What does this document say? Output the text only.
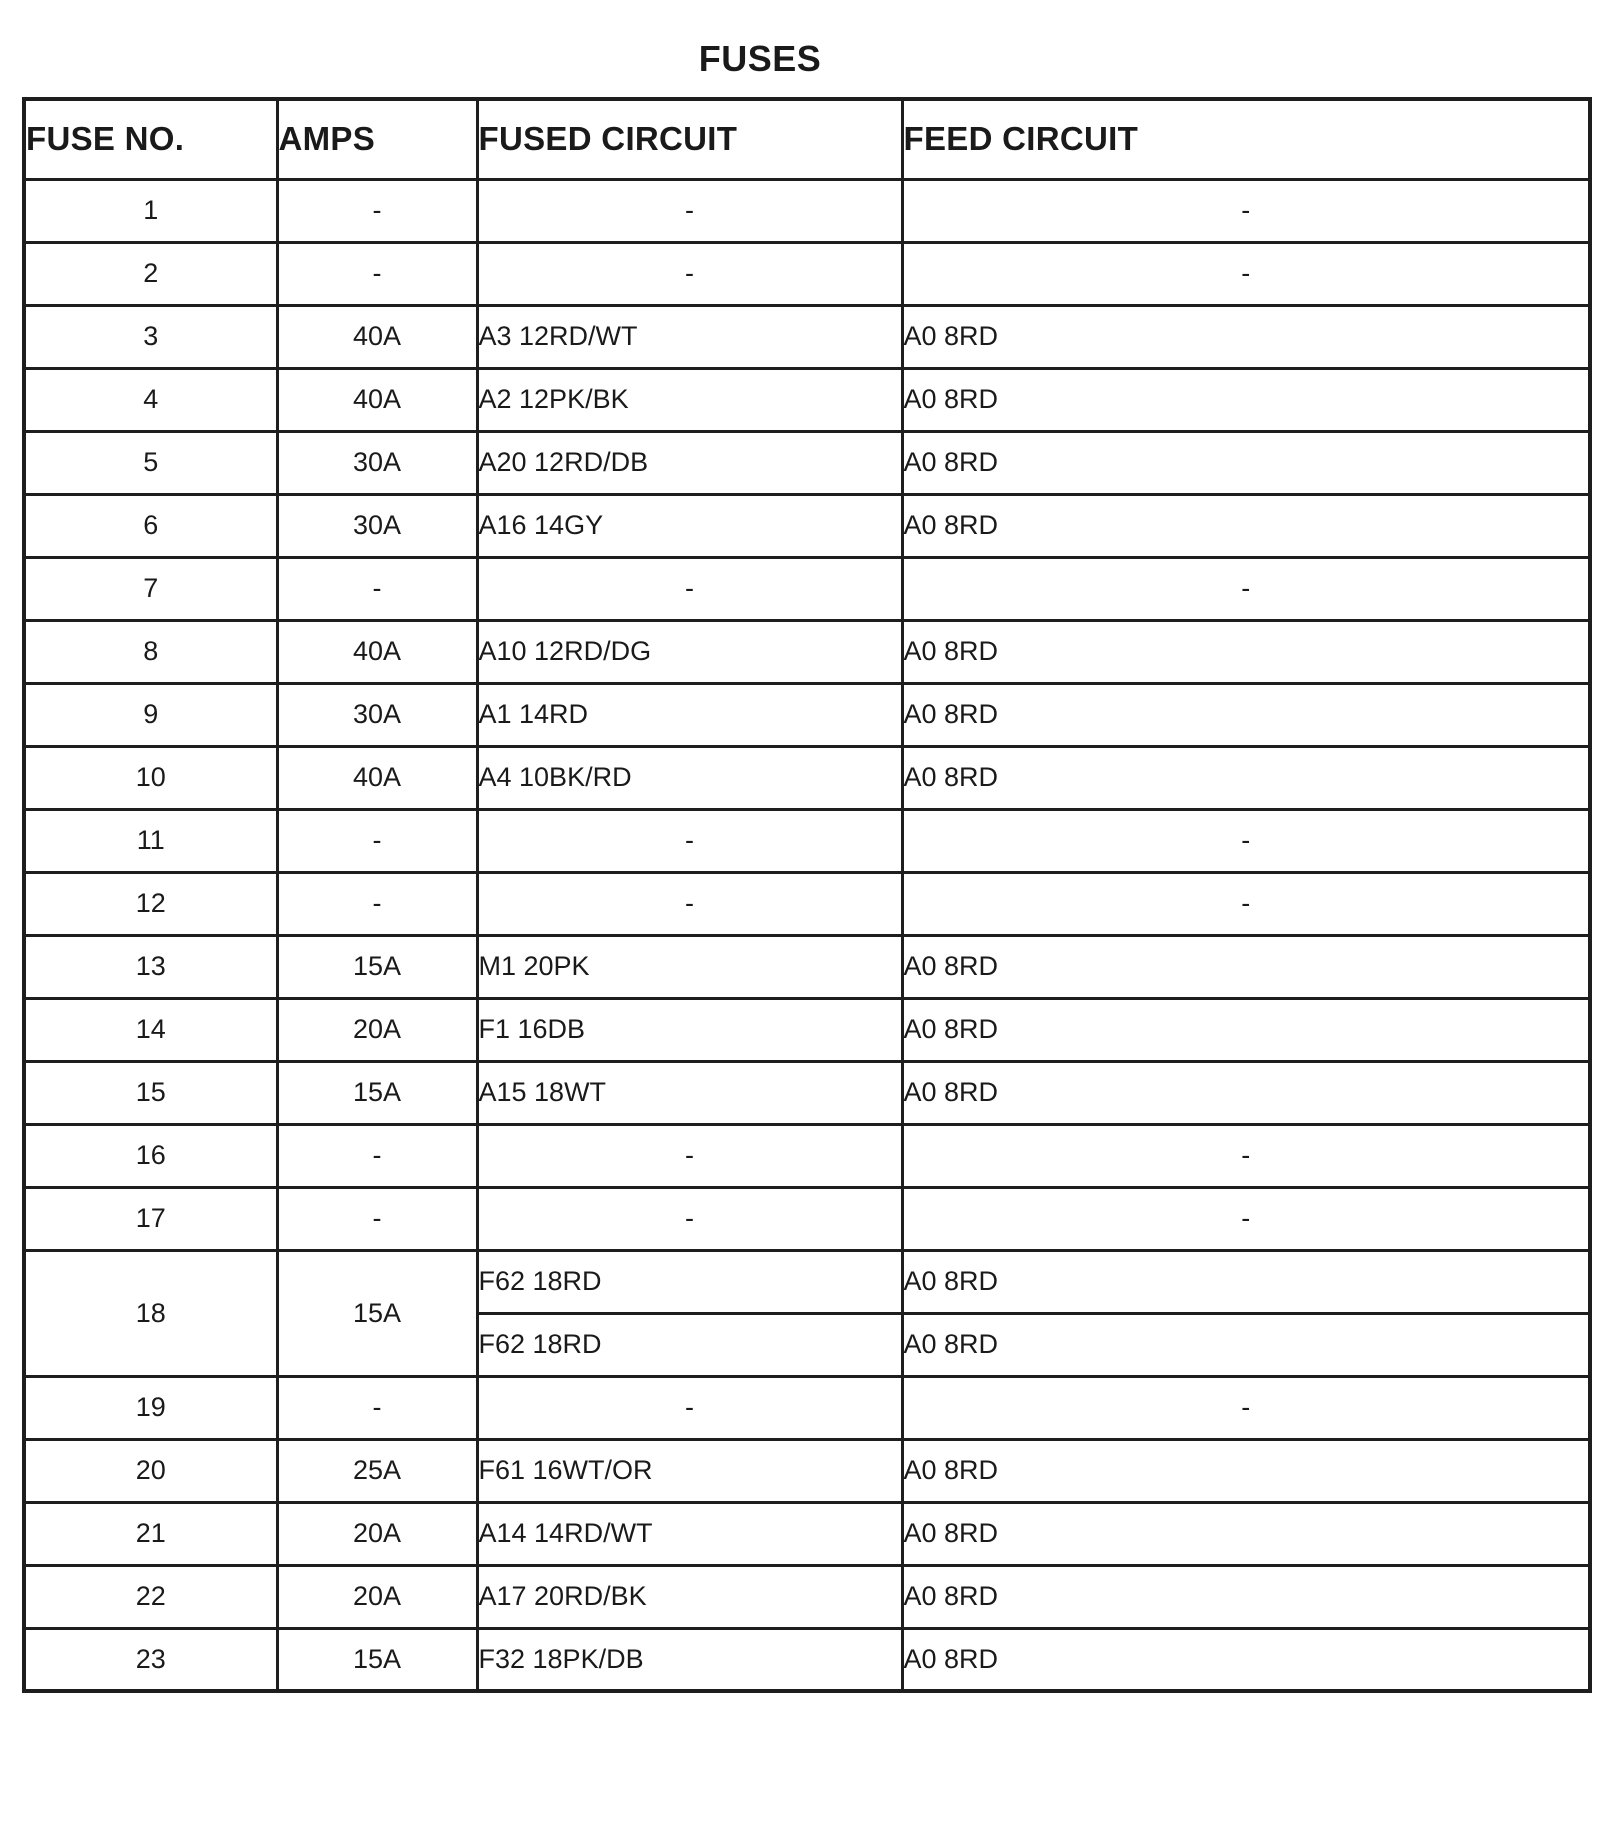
FUSES
FUSE NO.	AMPS	FUSED CIRCUIT	FEED CIRCUIT
1	-	-	-
2	-	-	-
3	40A	A3 12RD/WT	A0 8RD
4	40A	A2 12PK/BK	A0 8RD
5	30A	A20 12RD/DB	A0 8RD
6	30A	A16 14GY	A0 8RD
7	-	-	-
8	40A	A10 12RD/DG	A0 8RD
9	30A	A1 14RD	A0 8RD
10	40A	A4 10BK/RD	A0 8RD
11	-	-	-
12	-	-	-
13	15A	M1 20PK	A0 8RD
14	20A	F1 16DB	A0 8RD
15	15A	A15 18WT	A0 8RD
16	-	-	-
17	-	-	-
18	15A	F62 18RD	A0 8RD
		F62 18RD	A0 8RD
19	-	-	-
20	25A	F61 16WT/OR	A0 8RD
21	20A	A14 14RD/WT	A0 8RD
22	20A	A17 20RD/BK	A0 8RD
23	15A	F32 18PK/DB	A0 8RD
